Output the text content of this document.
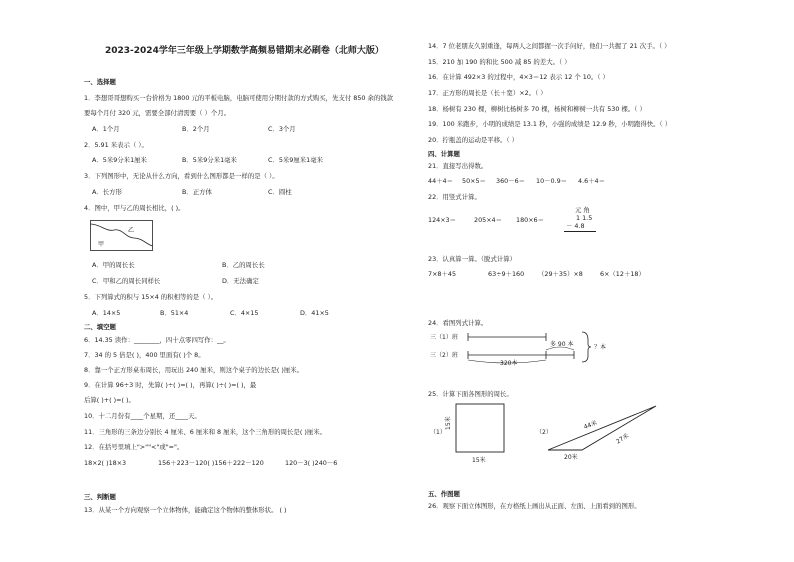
2023-2024学年三年级上学期数学高频易错期末必刷卷（北师大版）
一、选择题
1．李想哥哥想购买一台价格为 1800 元的平板电脑，电脑可使用分期付款的方式购买，先支付 850 余的钱款
要每个月付 320 元，需要全部付清需要（ ）个月。
A．1个月	B．2个月	C．3个月
2．5.91 米表示（ ）。
A．5米9分米1厘米	B．5米9分米1毫米	C．5米9厘米1毫米
3．下列图形中，无论从什么方向，看到什么图形都是一样的是（ ）。
A．长方形	B．正方体	C．圆柱
4．图中，甲与乙的周长相比，( )。
甲
乙
A．甲的周长长	B．乙的周长长
C．甲和乙的周长同样长	D．无法确定
5．下列算式的积与 15×4 的积相等的是（ ）。
A．14×5	B．51×4	C．4×15	D．41×5
二、填空题
6．14.35 读作：________，四十点零四写作：__。
7．34 的 5 倍是( )，400 里面有( )个 8。
8．靠一个正方形桌布周长，用玩出 240 厘米，则这个桌子的边长是( )厘米。
9．在计算 96÷3 时，先算( )÷( )=( )，再算( )÷( )=( )，最
后算( )+( )=( )。
10．十二月份有____个星期，还____天。
11．三角形的三条边分别长 4 厘米、6 厘米和 8 厘米，这个三角形的周长是( )厘米。
12．在括号里填上">""<"或"="。
18×2( )18×3	156＋223－120( )156＋222－120	120－3( )240－6
三、判断题
13．从某一个方向观察一个立体物体，能确定这个物体的整体形状。 ( )
14．7 位老朋友久别重逢，每两人之间都握一次手问好，他们一共握了 21 次手。（ ）
15．210 加 190 的和比 500 减 85 的差大。（ ）
16．在计算 492×3 的过程中，4×3＝12 表示 12 个 10。（ ）
17．正方形的周长是（长＋宽）×2。（ ）
18．杨树有 230 棵，柳树比杨树多 70 棵，杨树和柳树一共有 530 棵。（ ）
19．100 米跑步，小明的成绩是 13.1 秒，小强的成绩是 12.9 秒，小明跑得快。（ ）
20．拧瓶盖的运动是平移。（ ）
四、计算题
21．直接写出得数。
44＋4＝ 50×5＝ 360－6＝ 10－0.9＝ 4.6＋4＝
22．用竖式计算。
124×3＝	205×4＝ 180×6＝
元 角
1 1.5
－ 4.8
23．认真算一算。（脱式计算）
7×8＋45	63÷9＋160 （29＋35）×8	6×（12＋18）
24．看图列式计算。
三（1）班
三（2）班
多 90 本
320本
？本
25．计算下面各图形的周长。
（1）
15米
15米
（2）
44米
27米
20米
五、作图题
26．观察下面立体图形，在方格纸上画出从正面、左面、上面看到的图形。
